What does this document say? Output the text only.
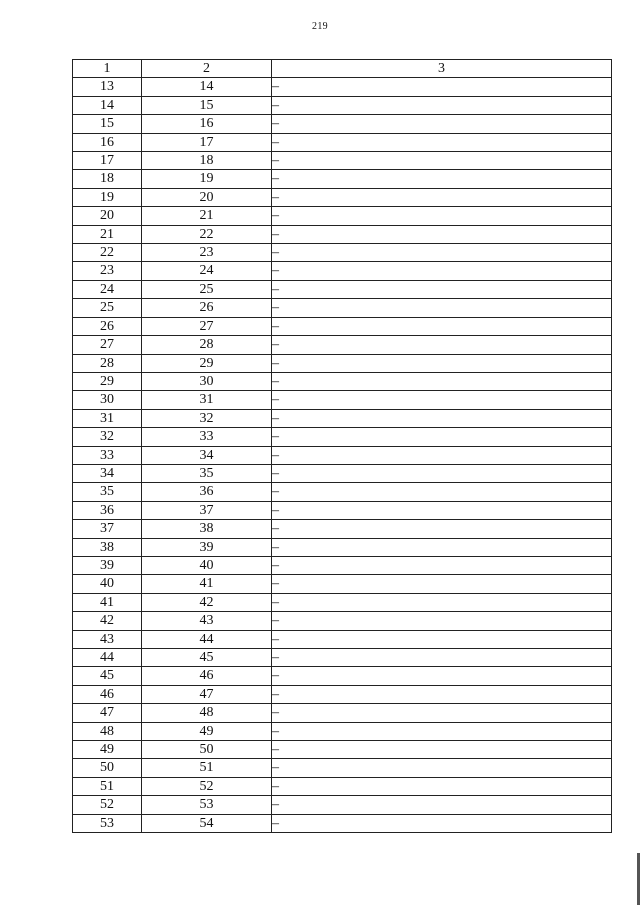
219
1	2	3
13	14	–
14	15	–
15	16	–
16	17	–
17	18	–
18	19	–
19	20	–
20	21	–
21	22	–
22	23	–
23	24	–
24	25	–
25	26	–
26	27	–
27	28	–
28	29	–
29	30	–
30	31	–
31	32	–
32	33	–
33	34	–
34	35	–
35	36	–
36	37	–
37	38	–
38	39	–
39	40	–
40	41	–
41	42	–
42	43	–
43	44	–
44	45	–
45	46	–
46	47	–
47	48	–
48	49	–
49	50	–
50	51	–
51	52	–
52	53	–
53	54	–
